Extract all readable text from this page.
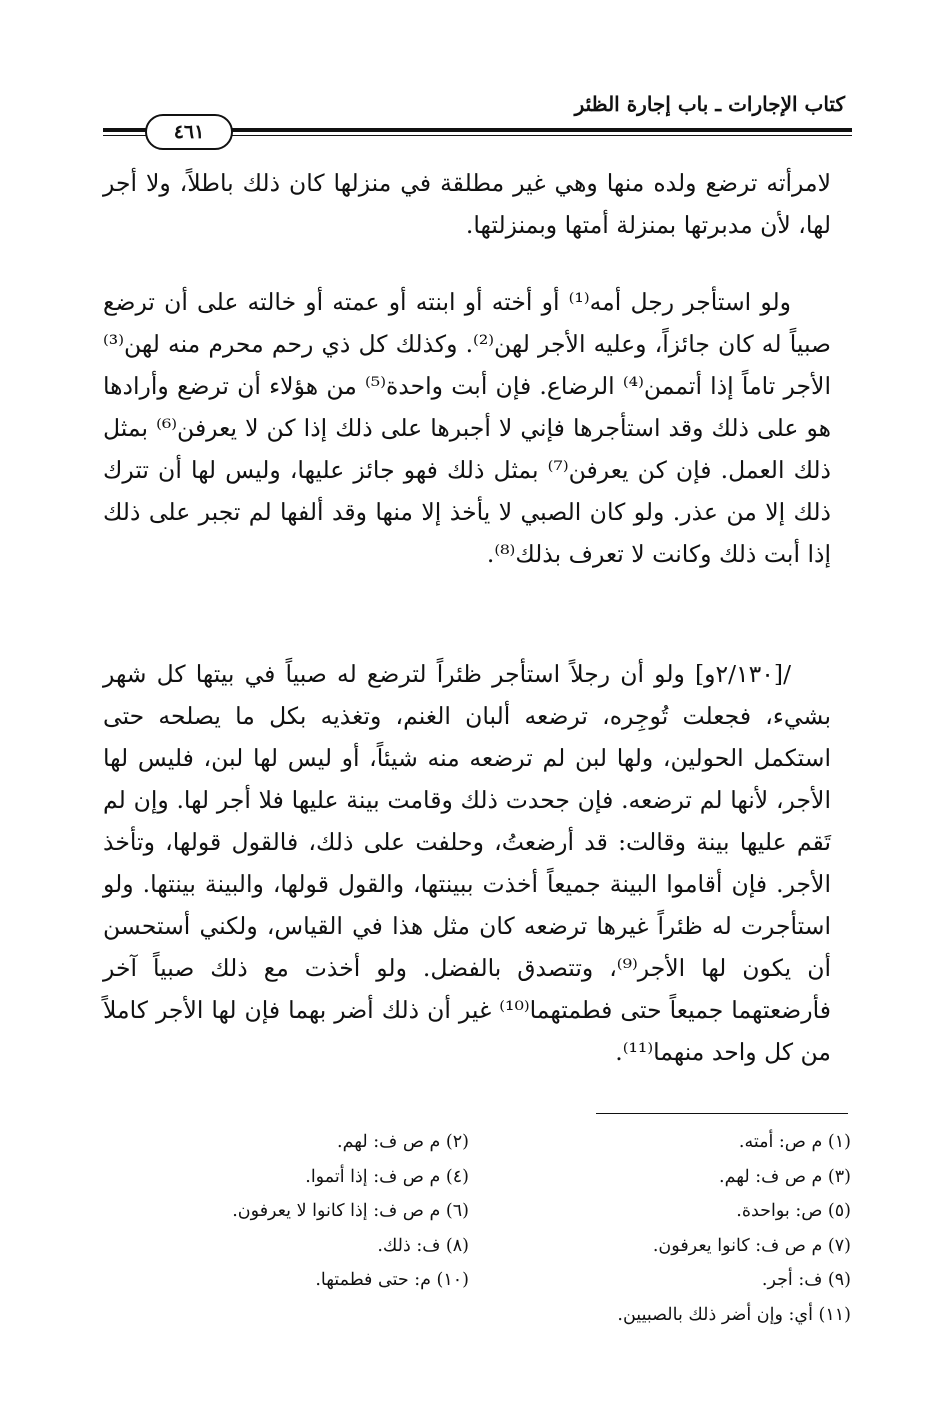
كتاب الإجارات ـ باب إجارة الظئر
٤٦١
لامرأته ترضع ولده منها وهي غير مطلقة في منزلها كان ذلك باطلاً، ولا أجر لها، لأن مدبرتها بمنزلة أمتها وبمنزلتها.
ولو استأجر رجل أمه⁽¹⁾ أو أخته أو ابنته أو عمته أو خالته على أن ترضع صبياً له كان جائزاً، وعليه الأجر لهن⁽²⁾. وكذلك كل ذي رحم محرم منه لهن⁽³⁾ الأجر تاماً إذا أتممن⁽⁴⁾ الرضاع. فإن أبت واحدة⁽⁵⁾ من هؤلاء أن ترضع وأرادها هو على ذلك وقد استأجرها فإني لا أجبرها على ذلك إذا كن لا يعرفن⁽⁶⁾ بمثل ذلك العمل. فإن كن يعرفن⁽⁷⁾ بمثل ذلك فهو جائز عليها، وليس لها أن تترك ذلك إلا من عذر. ولو كان الصبي لا يأخذ إلا منها وقد ألفها لم تجبر على ذلك إذا أبت ذلك وكانت لا تعرف بذلك⁽⁸⁾.
/[٢/١٣٠و] ولو أن رجلاً استأجر ظئراً لترضع له صبياً في بيتها كل شهر بشيء، فجعلت تُوجِره، ترضعه ألبان الغنم، وتغذيه بكل ما يصلحه حتى استكمل الحولين، ولها لبن لم ترضعه منه شيئاً، أو ليس لها لبن، فليس لها الأجر، لأنها لم ترضعه. فإن جحدت ذلك وقامت بينة عليها فلا أجر لها. وإن لم تَقم عليها بينة وقالت: قد أرضعتُ، وحلفت على ذلك، فالقول قولها، وتأخذ الأجر. فإن أقاموا البينة جميعاً أخذت ببينتها، والقول قولها، والبينة بينتها. ولو استأجرت له ظئراً غيرها ترضعه كان مثل هذا في القياس، ولكني أستحسن أن يكون لها الأجر⁽⁹⁾، وتتصدق بالفضل. ولو أخذت مع ذلك صبياً آخر فأرضعتهما جميعاً حتى فطمتهما⁽¹⁰⁾ غير أن ذلك أضر بهما فإن لها الأجر كاملاً من كل واحد منهما⁽¹¹⁾.
(١) م ص: أمته.
(٣) م ص ف: لهم.
(٥) ص: بواحدة.
(٧) م ص ف: كانوا يعرفون.
(٩) ف: أجر.
(١١) أي: وإن أضر ذلك بالصبيين.
(٢) م ص ف: لهم.
(٤) م ص ف: إذا أتموا.
(٦) م ص ف: إذا كانوا لا يعرفون.
(٨) ف: ذلك.
(١٠) م: حتى فطمتها.
